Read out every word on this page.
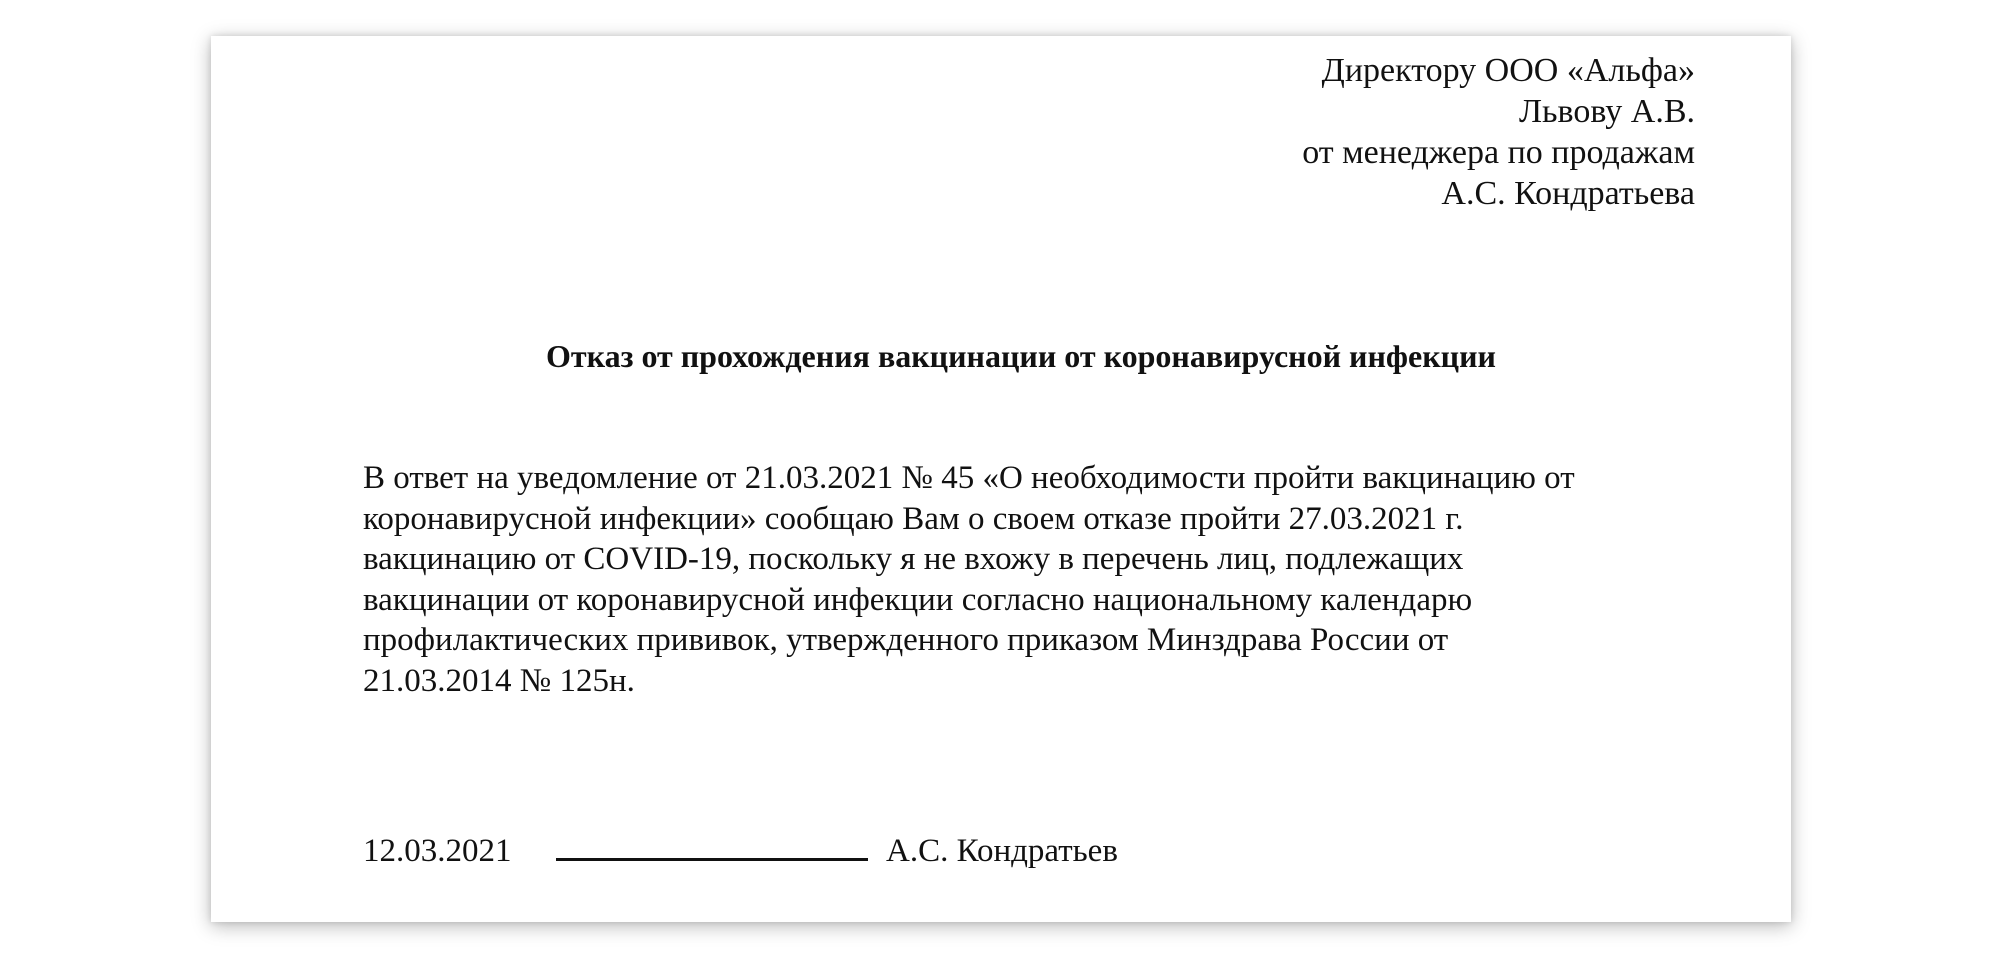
Директору ООО «Альфа»
Львову А.В.
от менеджера по продажам
А.С. Кондратьева
Отказ от прохождения вакцинации от коронавирусной инфекции
В ответ на уведомление от 21.03.2021 № 45 «О необходимости пройти вакцинацию от
коронавирусной инфекции» сообщаю Вам о своем отказе пройти 27.03.2021 г.
вакцинацию от COVID-19, поскольку я не вхожу в перечень лиц, подлежащих
вакцинации от коронавирусной инфекции согласно национальному календарю
профилактических прививок, утвержденного приказом Минздрава России от
21.03.2014 № 125н.
12.03.2021	А.С. Кондратьев
